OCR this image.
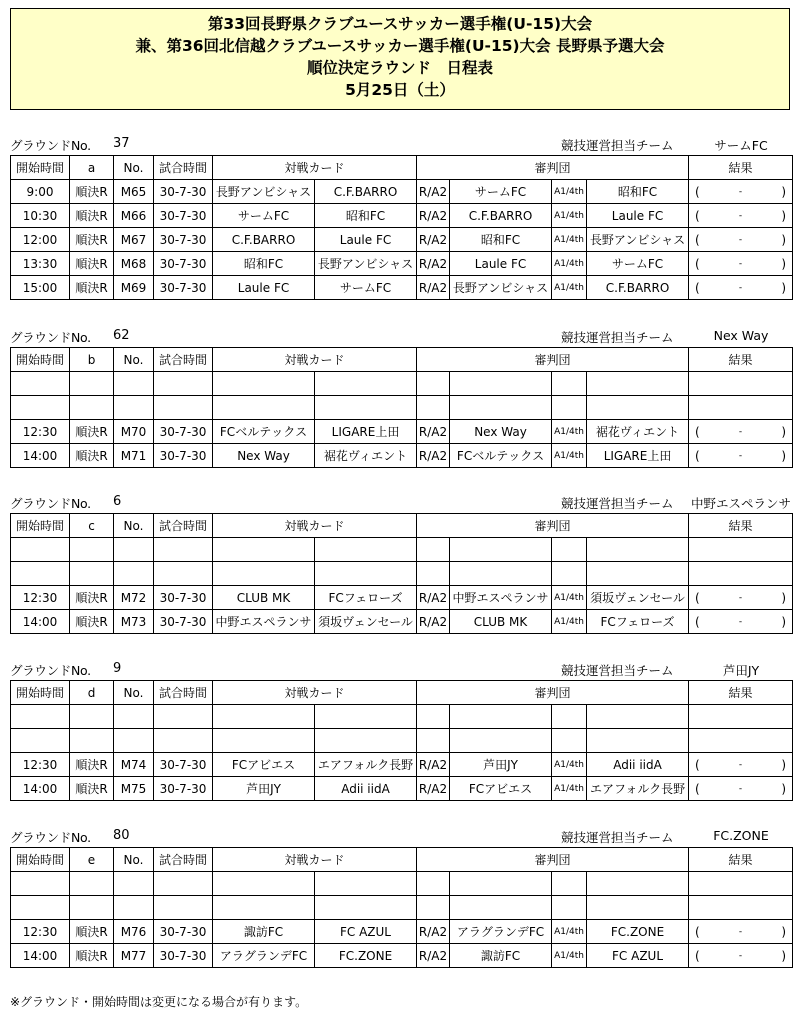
第33回長野県クラブユースサッカー選手権(U-15)大会
兼、第36回北信越クラブユースサッカー選手権(U-15)大会 長野県予選大会
順位決定ラウンド　日程表
5月25日（土）
グラウンドNo. 37	競技運営担当チーム	サームFC
開始時間	a	No.	試合時間	対戦カード		審判団				結果
9:00	順決R	M65	30-7-30	長野アンビシャス	C.F.BARRO	R/A2	サームFC	A1/4th	昭和FC	( - )

10:30	順決R	M66	30-7-30	サームFC	昭和FC	R/A2	C.F.BARRO	A1/4th	Laule FC	( - )

12:00	順決R	M67	30-7-30	C.F.BARRO	Laule FC	R/A2	昭和FC	A1/4th	長野アンビシャス	( - )

13:30	順決R	M68	30-7-30	昭和FC	長野アンビシャス	R/A2	Laule FC	A1/4th	サームFC	( - )

15:00	順決R	M69	30-7-30	Laule FC	サームFC	R/A2	長野アンビシャス	A1/4th	C.F.BARRO	( - )
グラウンドNo. 62	競技運営担当チーム	Nex Way
開始時間	b	No.	試合時間	対戦カード		審判団				結果

12:30	順決R	M70	30-7-30	FCベルテックス	LIGARE上田	R/A2	Nex Way	A1/4th	裾花ヴィエント	( - )

14:00	順決R	M71	30-7-30	Nex Way	裾花ヴィエント	R/A2	FCベルテックス	A1/4th	LIGARE上田	( - )
グラウンドNo. 6	競技運営担当チーム 中野エスペランサ
開始時間	c	No.	試合時間	対戦カード		審判団				結果

12:30	順決R	M72	30-7-30	CLUB MK	FCフェローズ	R/A2	中野エスペランサ	A1/4th	須坂ヴェンセール	( - )

14:00	順決R	M73	30-7-30	中野エスペランサ	須坂ヴェンセール	R/A2	CLUB MK	A1/4th	FCフェローズ	( - )
グラウンドNo. 9	競技運営担当チーム	芦田JY
開始時間	d	No.	試合時間	対戦カード		審判団				結果

12:30	順決R	M74	30-7-30	FCアビエス	エアフォルク長野	R/A2	芦田JY	A1/4th	Adii iidA	( - )

14:00	順決R	M75	30-7-30	芦田JY	Adii iidA	R/A2	FCアビエス	A1/4th	エアフォルク長野	( - )
グラウンドNo. 80	競技運営担当チーム	FC.ZONE
開始時間	e	No.	試合時間	対戦カード		審判団				結果

12:30	順決R	M76	30-7-30	諏訪FC	FC AZUL	R/A2	アラグランデFC	A1/4th	FC.ZONE	( - )

14:00	順決R	M77	30-7-30	アラグランデFC	FC.ZONE	R/A2	諏訪FC	A1/4th	FC AZUL	( - )
※グラウンド・開始時間は変更になる場合が有ります。
